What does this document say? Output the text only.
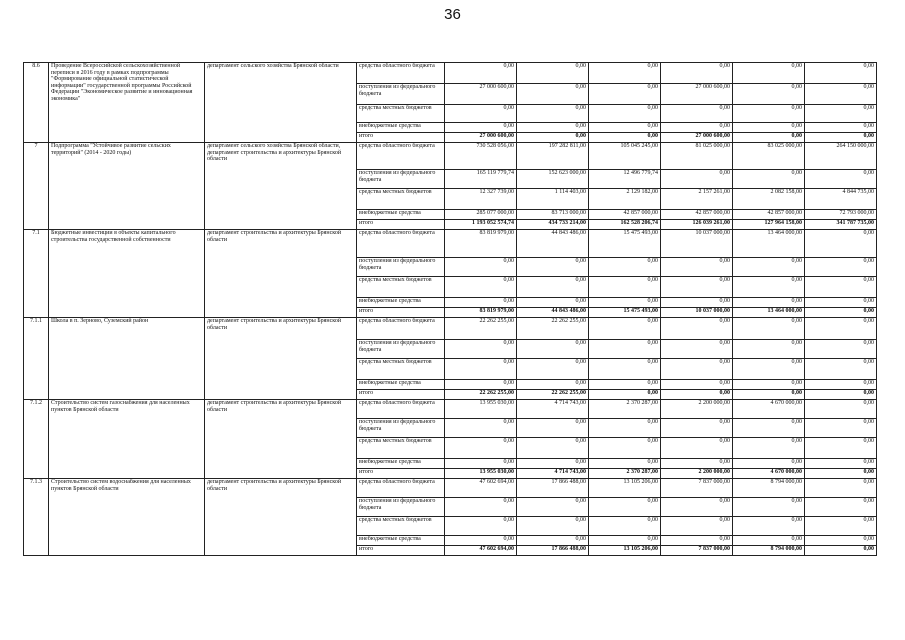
36
8.6	Проведение Всероссийской сельскохозяйственной переписи в 2016 году в рамках подпрограммы "Формирование официальной статистической информации" государственной программы Российской Федерации "Экономическое развитие и инновационная экономика"	департамент сельского хозяйства Брянской области	средства областного бюджета	0,00	0,00	0,00	0,00	0,00	0,00
			поступления из федерального бюджета	27 000 600,00	0,00	0,00	27 000 600,00	0,00	0,00
			средства местных бюджетов	0,00	0,00	0,00	0,00	0,00	0,00
			внебюджетные средства	0,00	0,00	0,00	0,00	0,00	0,00
			итого	27 000 600,00	0,00	0,00	27 000 600,00	0,00	0,00
7	Подпрограмма "Устойчивое развитие сельских территорий" (2014 - 2020 годы)	департамент сельского хозяйства Брянской области, департамент строительства и архитектуры Брянской области	средства областного бюджета	730 528 056,00	197 282 811,00	105 045 245,00	81 025 000,00	83 025 000,00	264 150 000,00
			поступления из федерального бюджета	165 119 779,74	152 623 000,00	12 496 779,74	0,00	0,00	0,00
			средства местных бюджетов	12 327 739,00	1 114 403,00	2 129 182,00	2 157 261,00	2 082 158,00	4 844 735,00
			внебюджетные средства	285 077 000,00	83 713 000,00	42 857 000,00	42 857 000,00	42 857 000,00	72 793 000,00
			итого	1 193 052 574,74	434 733 214,00	162 528 206,74	126 039 261,00	127 964 158,00	341 787 735,00
7.1	Бюджетные инвестиции в объекты капитального строительства государственной собственности	департамент строительства и архитектуры Брянской области	средства областного бюджета	83 819 979,00	44 843 486,00	15 475 493,00	10 037 000,00	13 464 000,00	0,00
			поступления из федерального бюджета	0,00	0,00	0,00	0,00	0,00	0,00
			средства местных бюджетов	0,00	0,00	0,00	0,00	0,00	0,00
			внебюджетные средства	0,00	0,00	0,00	0,00	0,00	0,00
			итого	83 819 979,00	44 843 486,00	15 475 493,00	10 037 000,00	13 464 000,00	0,00
7.1.1	Школа в п. Зерново, Суземский район	департамент строительства и архитектуры Брянской области	средства областного бюджета	22 262 255,00	22 262 255,00	0,00	0,00	0,00	0,00
			поступления из федерального бюджета	0,00	0,00	0,00	0,00	0,00	0,00
			средства местных бюджетов	0,00	0,00	0,00	0,00	0,00	0,00
			внебюджетные средства	0,00	0,00	0,00	0,00	0,00	0,00
			итого	22 262 255,00	22 262 255,00	0,00	0,00	0,00	0,00
7.1.2	Строительство систем газоснабжения для населенных пунктов Брянской области	департамент строительства и архитектуры Брянской области	средства областного бюджета	13 955 030,00	4 714 743,00	2 370 287,00	2 200 000,00	4 670 000,00	0,00
			поступления из федерального бюджета	0,00	0,00	0,00	0,00	0,00	0,00
			средства местных бюджетов	0,00	0,00	0,00	0,00	0,00	0,00
			внебюджетные средства	0,00	0,00	0,00	0,00	0,00	0,00
			итого	13 955 030,00	4 714 743,00	2 370 287,00	2 200 000,00	4 670 000,00	0,00
7.1.3	Строительство систем водоснабжения для населенных пунктов Брянской области	департамент строительства и архитектуры Брянской области	средства областного бюджета	47 602 694,00	17 866 488,00	13 105 206,00	7 837 000,00	8 794 000,00	0,00
			поступления из федерального бюджета	0,00	0,00	0,00	0,00	0,00	0,00
			средства местных бюджетов	0,00	0,00	0,00	0,00	0,00	0,00
			внебюджетные средства	0,00	0,00	0,00	0,00	0,00	0,00
			итого	47 602 694,00	17 866 488,00	13 105 206,00	7 837 000,00	8 794 000,00	0,00
